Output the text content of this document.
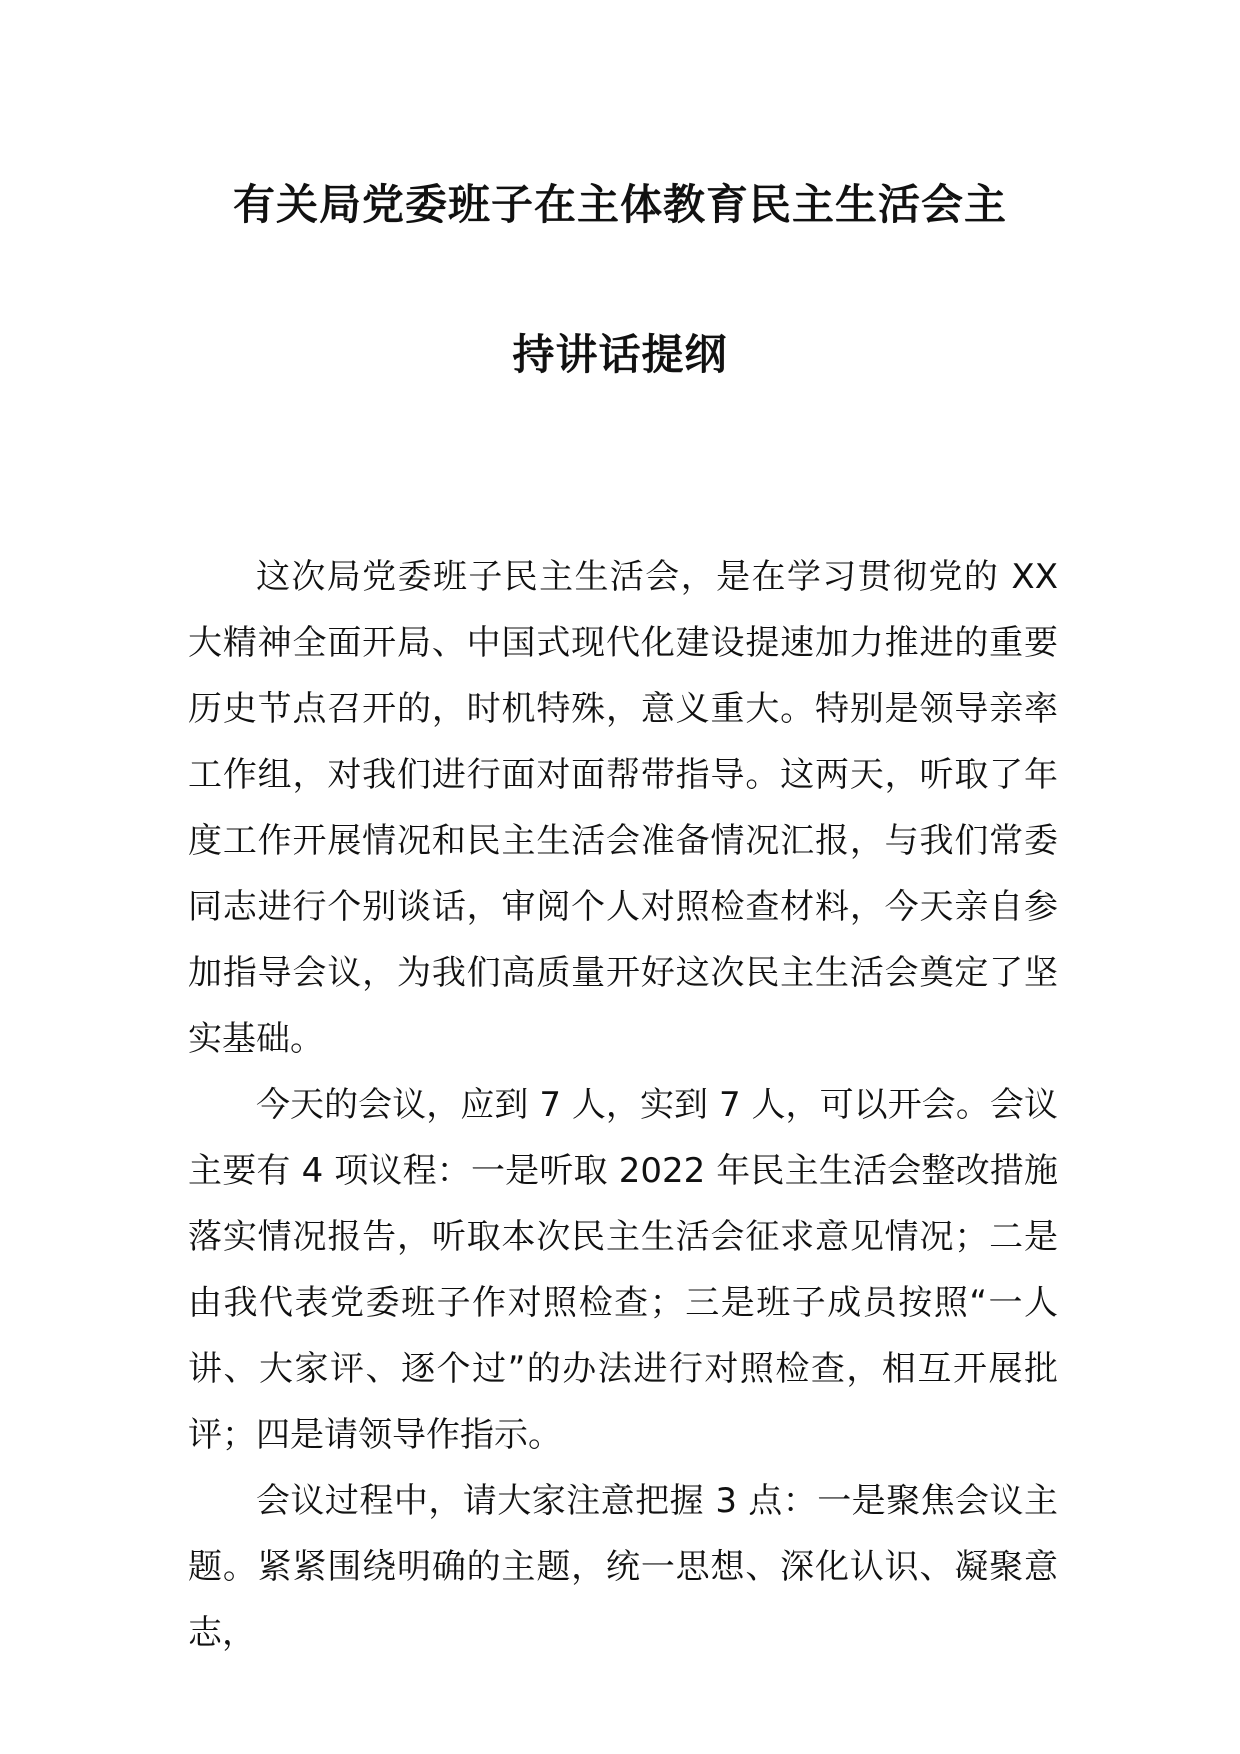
有关局党委班子在主体教育民主生活会主
持讲话提纲

这次局党委班子民主生活会，是在学习贯彻党的 XX 大精神全面开局、中国式现代化建设提速加力推进的重要历史节点召开的，时机特殊，意义重大。特别是领导亲率工作组，对我们进行面对面帮带指导。这两天，听取了年度工作开展情况和民主生活会准备情况汇报，与我们常委同志进行个别谈话，审阅个人对照检查材料，今天亲自参加指导会议，为我们高质量开好这次民主生活会奠定了坚实基础。

今天的会议，应到 7 人，实到 7 人，可以开会。会议主要有 4 项议程：一是听取 2022 年民主生活会整改措施落实情况报告，听取本次民主生活会征求意见情况；二是由我代表党委班子作对照检查；三是班子成员按照“一人讲、大家评、逐个过”的办法进行对照检查，相互开展批评；四是请领导作指示。

会议过程中，请大家注意把握 3 点：一是聚焦会议主题。紧紧围绕明确的主题，统一思想、深化认识、凝聚意志，
